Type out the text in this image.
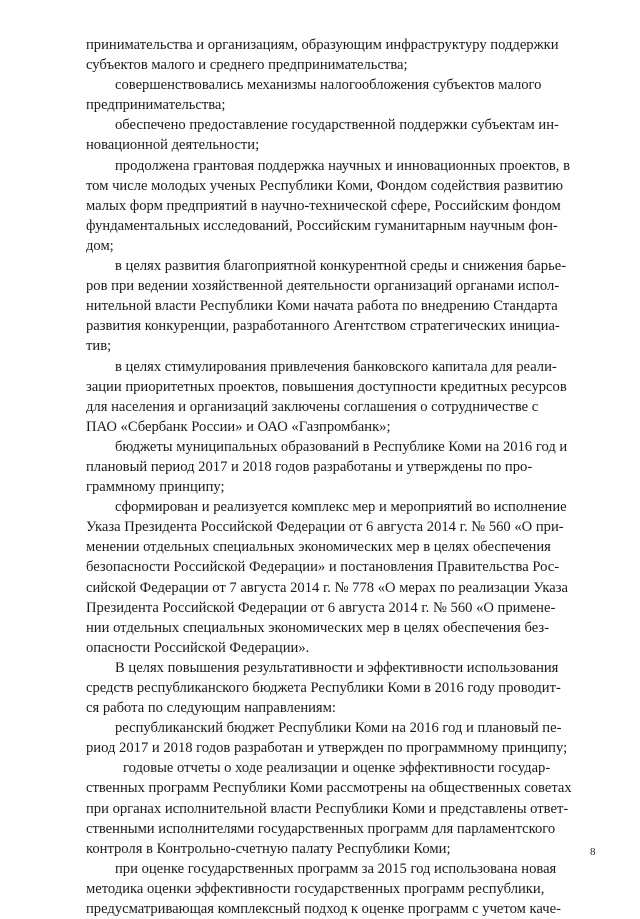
принимательства и организациям, образующим инфраструктуру поддержки

субъектов малого и среднего предпринимательства;

совершенствовались механизмы налогообложения субъектов малого

предпринимательства;

обеспечено предоставление государственной поддержки субъектам ин-

новационной деятельности;

продолжена грантовая поддержка научных и инновационных проектов, в

том числе молодых ученых Республики Коми, Фондом содействия развитию

малых форм предприятий в научно-технической сфере, Российским фондом

фундаментальных исследований, Российским гуманитарным научным фон-

дом;

в целях развития благоприятной конкурентной среды и снижения барье-

ров при ведении хозяйственной деятельности организаций органами испол-

нительной власти Республики Коми начата работа по внедрению Стандарта

развития конкуренции, разработанного Агентством стратегических инициа-

тив;

в целях стимулирования привлечения банковского капитала для реали-

зации приоритетных проектов, повышения доступности кредитных ресурсов

для населения и организаций заключены соглашения о сотрудничестве с

ПАО «Сбербанк России» и ОАО «Газпромбанк»;

бюджеты муниципальных образований в Республике Коми на 2016 год и

плановый период 2017 и 2018 годов разработаны и утверждены по про-

граммному принципу;

сформирован и реализуется комплекс мер и мероприятий во исполнение

Указа Президента Российской Федерации от 6 августа 2014 г. № 560 «О при-

менении отдельных специальных экономических мер в целях обеспечения

безопасности Российской Федерации» и постановления Правительства Рос-

сийской Федерации от 7 августа 2014 г. № 778 «О мерах по реализации Указа

Президента Российской Федерации от 6 августа 2014 г. № 560 «О примене-

нии отдельных специальных экономических мер в целях обеспечения без-

опасности Российской Федерации».

В целях повышения результативности и эффективности использования

средств республиканского бюджета Республики Коми в 2016 году проводит-

ся работа по следующим направлениям:

республиканский бюджет Республики Коми на 2016 год и плановый пе-

риод 2017 и 2018 годов разработан и утвержден по программному принципу;

годовые отчеты о ходе реализации и оценке эффективности государ-

ственных программ Республики Коми рассмотрены на общественных советах

при органах исполнительной власти Республики Коми и представлены ответ-

ственными исполнителями государственных программ для парламентского

контроля в Контрольно-счетную палату Республики Коми;

при оценке государственных программ за 2015 год использована новая

методика оценки эффективности государственных программ республики,

предусматривающая комплексный подход к оценке программ с учетом каче-

8
